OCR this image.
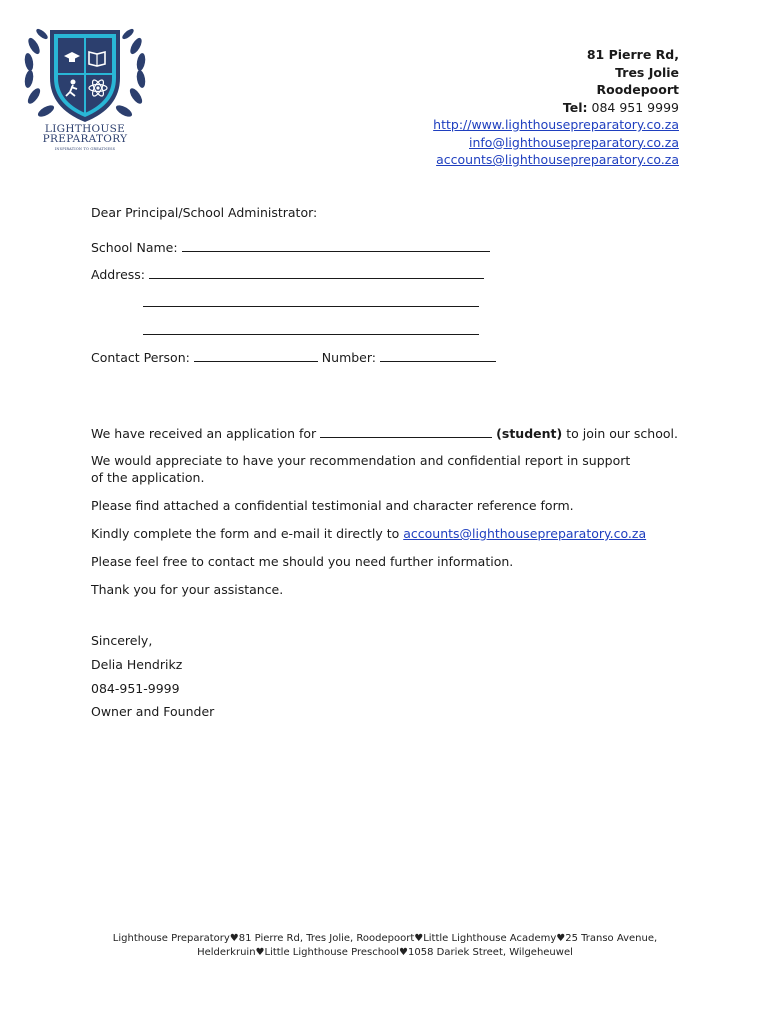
LIGHTHOUSE
PREPARATORY
INSPIRATION TO GREATNESS
81 Pierre Rd,
Tres Jolie
Roodepoort
Tel: 084 951 9999
http://www.lighthousepreparatory.co.za
info@lighthousepreparatory.co.za
accounts@lighthousepreparatory.co.za
Dear Principal/School Administrator:
School Name:
Address:
Contact Person:	Number:
We have received an application for	(student) to join our school.
We would appreciate to have your recommendation and confidential report in support of the application.
Please find attached a confidential testimonial and character reference form.
Kindly complete the form and e-mail it directly to accounts@lighthousepreparatory.co.za
Please feel free to contact me should you need further information.
Thank you for your assistance.
Sincerely,
Delia Hendrikz
084-951-9999
Owner and Founder
Lighthouse Preparatory♥81 Pierre Rd, Tres Jolie, Roodepoort♥Little Lighthouse Academy♥25 Transo Avenue,
Helderkruin♥Little Lighthouse Preschool♥1058 Dariek Street, Wilgeheuwel
